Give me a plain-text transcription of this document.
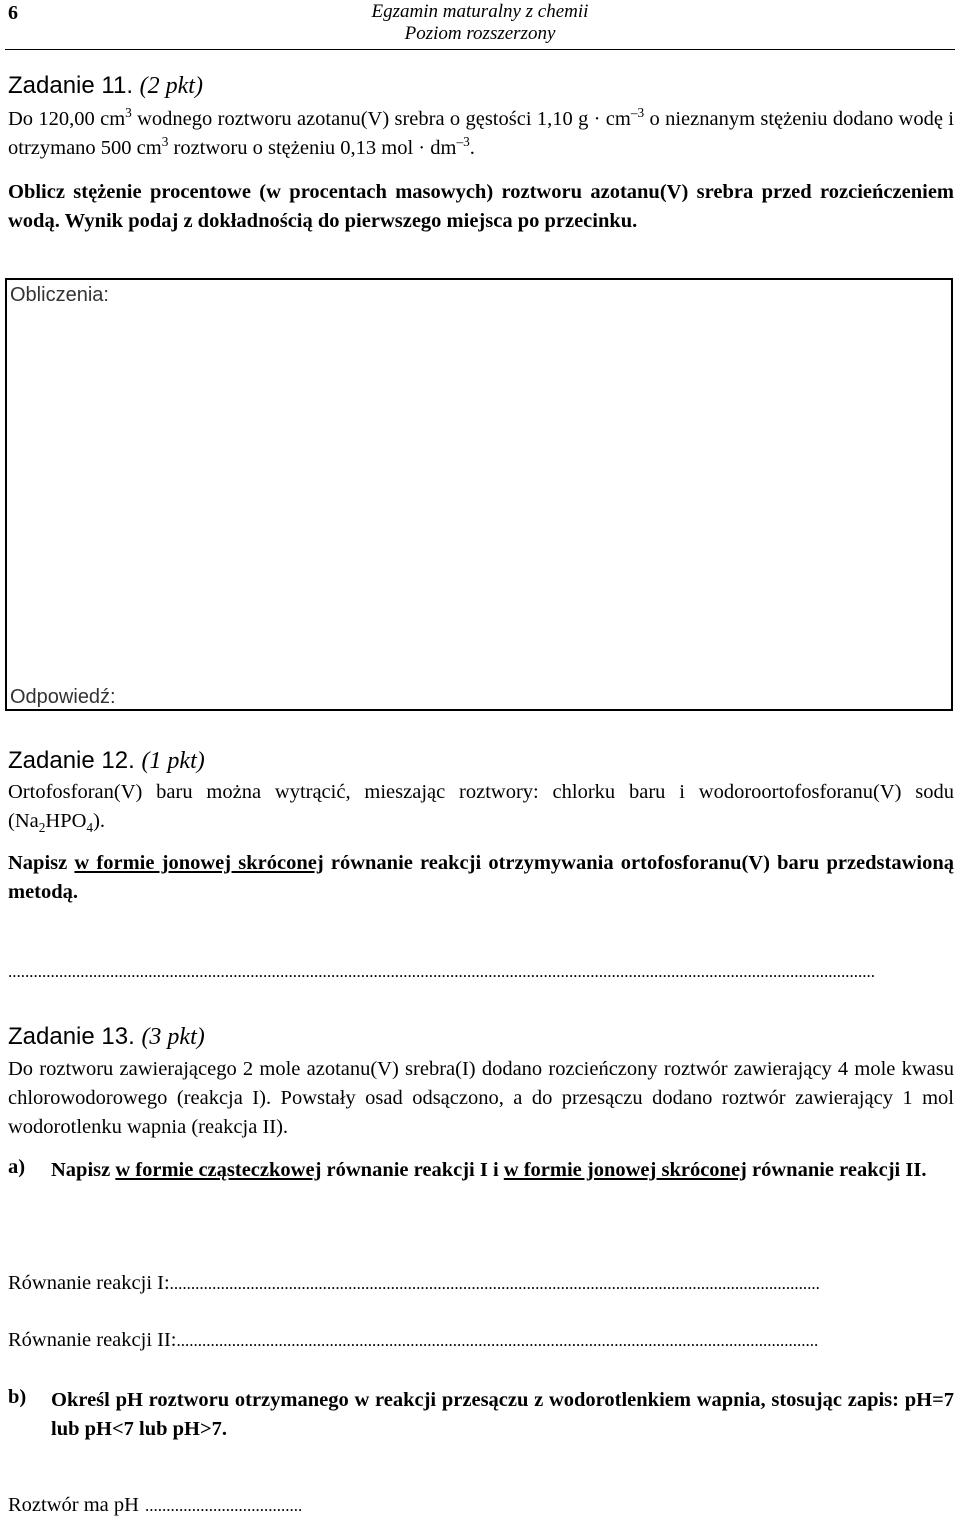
6	Egzamin maturalny z chemii
Poziom rozszerzony
Zadanie 11. (2 pkt)
Do 120,00 $cm^3$ wodnego roztworu azotanu(V) srebra o gęstości 1,10 $g \cdot cm^{-3}$ o nieznanym stężeniu dodano wodę i otrzymano 500 $cm^3$ roztworu o stężeniu 0,13 mol · $dm^{-3}$.
Oblicz stężenie procentowe (w procentach masowych) roztworu azotanu(V) srebra przed rozcieńczeniem wodą. Wynik podaj z dokładnością do pierwszego miejsca po przecinku.
Obliczenia:
Odpowiedź:
Zadanie 12. (1 pkt)
Ortofosforan(V) baru można wytrącić, mieszając roztwory: chlorku baru i wodoroortofosforanu(V) sodu $(Na_2HPO_4)$.
Napisz w formie jonowej skróconej równanie reakcji otrzymywania ortofosforanu(V) baru przedstawioną metodą.
............................................................................................................................................................................................................
Zadanie 13. (3 pkt)
Do roztworu zawierającego 2 mole azotanu(V) srebra(I) dodano rozcieńczony roztwór zawierający 4 mole kwasu chlorowodorowego (reakcja I). Powstały osad odsączono, a do przesączu dodano roztwór zawierający 1 mol wodorotlenku wapnia (reakcja II).
a) Napisz w formie cząsteczkowej równanie reakcji I i w formie jonowej skróconej równanie reakcji II.
Równanie reakcji I: .........................................................................................................................................................
Równanie reakcji II: .......................................................................................................................................................
b) Określ pH roztworu otrzymanego w reakcji przesączu z wodorotlenkiem wapnia, stosując zapis: pH=7 lub pH<7 lub pH>7.
Roztwór ma pH .....................................
